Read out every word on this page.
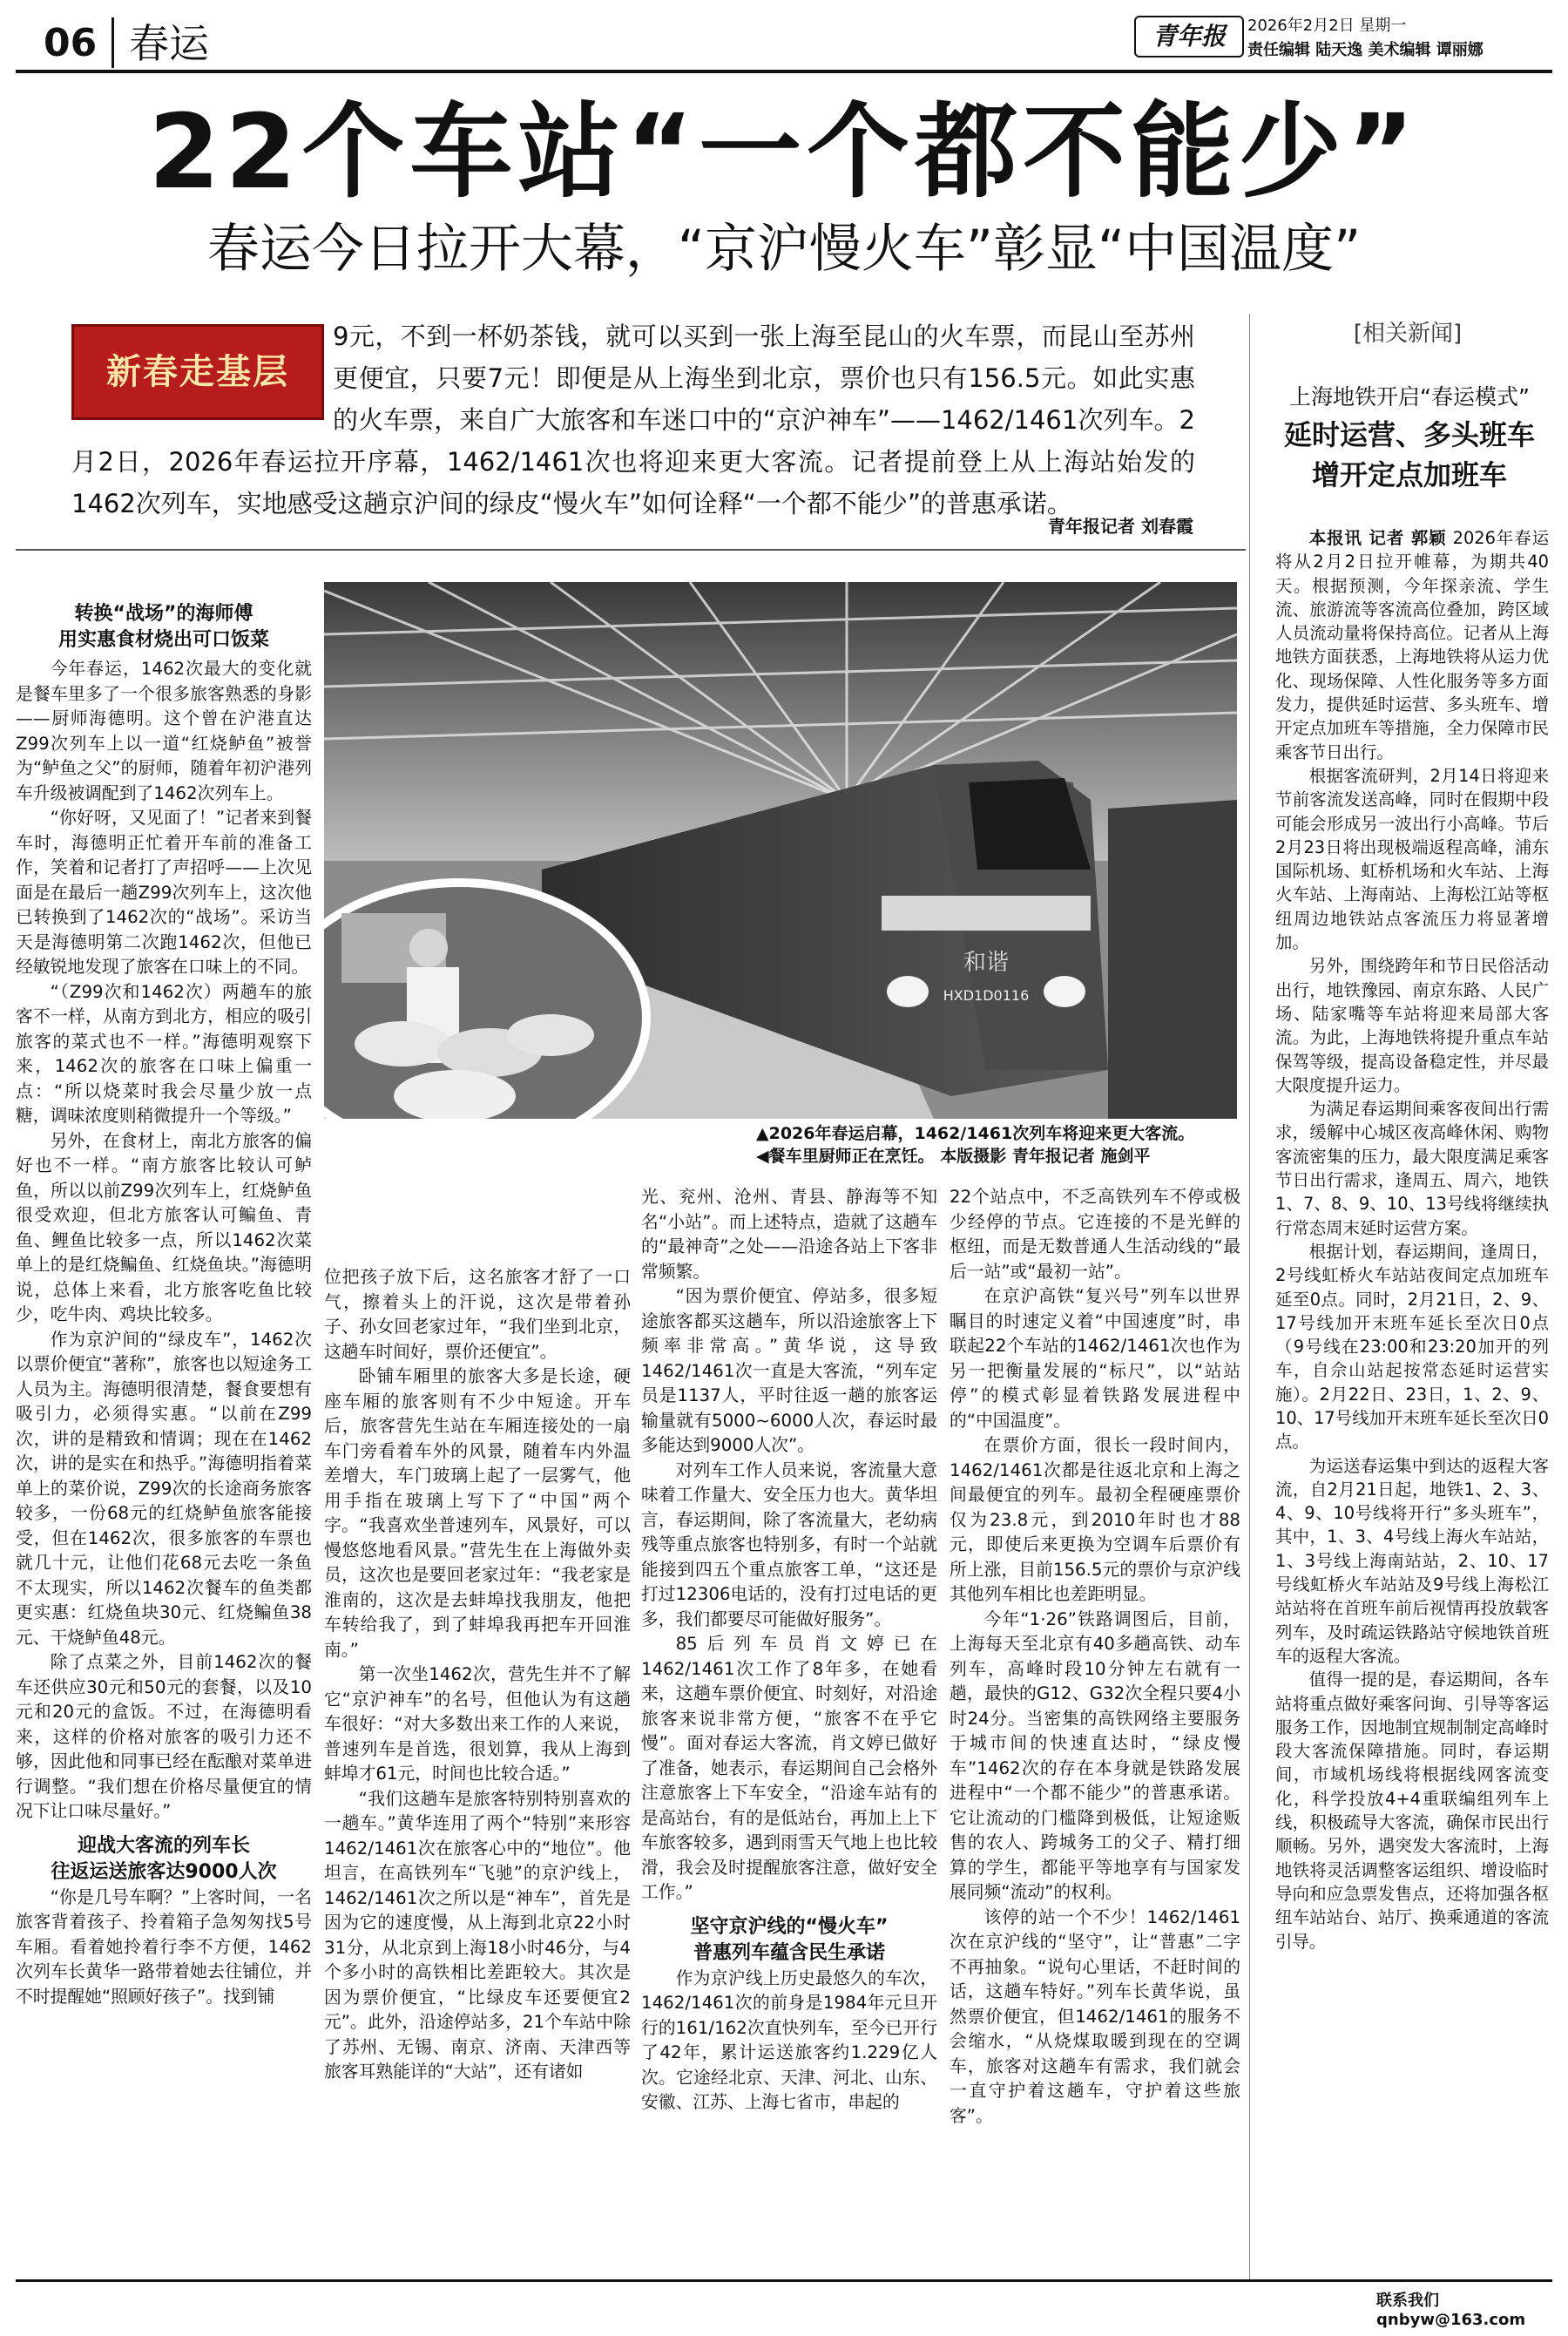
06 春运	青年报	2026年2月2日 星期一
责任编辑 陆天逸 美术编辑 谭丽娜
22个车站“一个都不能少”
春运今日拉开大幕，“京沪慢火车”彰显“中国温度”
9元，不到一杯奶茶钱，就可以买到一张上海至昆山的火车票，而昆山至苏州更便宜，只要7元！即便是从上海坐到北京，票价也只有156.5元。如此实惠的火车票，来自广大旅客和车迷口中的“京沪神车”——1462/1461次列车。2月2日，2026年春运拉开序幕，1462/1461次也将迎来更大客流。记者提前登上从上海站始发的1462次列车，实地感受这趟京沪间的绿皮“慢火车”如何诠释“一个都不能少”的普惠承诺。
新春走基层
青年报记者 刘春霞
[相关新闻]
上海地铁开启“春运模式”
延时运营、多头班车增开定点加班车

本报讯 记者 郭颖 2026年春运将从2月2日拉开帷幕，为期共40天。根据预测，今年探亲流、学生流、旅游流等客流高位叠加，跨区域人员流动量将保持高位。记者从上海地铁方面获悉，上海地铁将从运力优化、现场保障、人性化服务等多方面发力，提供延时运营、多头班车、增开定点加班车等措施，全力保障市民乘客节日出行。

根据客流研判，2月14日将迎来节前客流发送高峰，同时在假期中段可能会形成另一波出行小高峰。节后2月23日将出现极端返程高峰，浦东国际机场、虹桥机场和火车站、上海火车站、上海南站、上海松江站等枢纽周边地铁站点客流压力将显著增加。

另外，围绕跨年和节日民俗活动出行，地铁豫园、南京东路、人民广场、陆家嘴等车站将迎来局部大客流。为此，上海地铁将提升重点车站保驾等级，提高设备稳定性，并尽最大限度提升运力。

为满足春运期间乘客夜间出行需求，缓解中心城区夜高峰休闲、购物客流密集的压力，最大限度满足乘客节日出行需求，逢周五、周六，地铁1、7、8、9、10、13号线将继续执行常态周末延时运营方案。

根据计划，春运期间，逢周日，2号线虹桥火车站站夜间定点加班车延至0点。同时，2月21日，2、9、17号线加开末班车延长至次日0点（9号线在23:00和23:20加开的列车，自佘山站起按常态延时运营实施）。2月22日、23日，1、2、9、10、17号线加开末班车延长至次日0点。

为运送春运集中到达的返程大客流，自2月21日起，地铁1、2、3、4、9、10号线将开行“多头班车”，其中，1、3、4号线上海火车站站，1、3号线上海南站站，2、10、17号线虹桥火车站站及9号线上海松江站站将在首班车前后视情再投放载客列车，及时疏运铁路站守候地铁首班车的返程大客流。

值得一提的是，春运期间，各车站将重点做好乘客问询、引导等客运服务工作，因地制宜规制制定高峰时段大客流保障措施。同时，春运期间，市域机场线将根据线网客流变化，科学投放4+4重联编组列车上线，积极疏导大客流，确保市民出行顺畅。另外，遇突发大客流时，上海地铁将灵活调整客运组织、增设临时导向和应急票发售点，还将加强各枢纽车站站台、站厅、换乘通道的客流引导。

和谐
HXD1D0116
▲2026年春运启幕，1462/1461次列车将迎来更大客流。
◀餐车里厨师正在烹饪。 本版摄影 青年报记者 施剑平

转换“战场”的海师傅

用实惠食材烧出可口饭菜

今年春运，1462次最大的变化就是餐车里多了一个很多旅客熟悉的身影——厨师海德明。这个曾在沪港直达Z99次列车上以一道“红烧鲈鱼”被誉为“鲈鱼之父”的厨师，随着年初沪港列车升级被调配到了1462次列车上。

“你好呀，又见面了！”记者来到餐车时，海德明正忙着开车前的准备工作，笑着和记者打了声招呼——上次见面是在最后一趟Z99次列车上，这次他已转换到了1462次的“战场”。采访当天是海德明第二次跑1462次，但他已经敏锐地发现了旅客在口味上的不同。

“（Z99次和1462次）两趟车的旅客不一样，从南方到北方，相应的吸引旅客的菜式也不一样。”海德明观察下来，1462次的旅客在口味上偏重一点：“所以烧菜时我会尽量少放一点糖，调味浓度则稍微提升一个等级。”

另外，在食材上，南北方旅客的偏好也不一样。“南方旅客比较认可鲈鱼，所以以前Z99次列车上，红烧鲈鱼很受欢迎，但北方旅客认可鳊鱼、青鱼、鲤鱼比较多一点，所以1462次菜单上的是红烧鳊鱼、红烧鱼块。”海德明说，总体上来看，北方旅客吃鱼比较少，吃牛肉、鸡块比较多。

作为京沪间的“绿皮车”，1462次以票价便宜“著称”，旅客也以短途务工人员为主。海德明很清楚，餐食要想有吸引力，必须得实惠。“以前在Z99次，讲的是精致和情调；现在在1462次，讲的是实在和热乎。”海德明指着菜单上的菜价说，Z99次的长途商务旅客较多，一份68元的红烧鲈鱼旅客能接受，但在1462次，很多旅客的车票也就几十元，让他们花68元去吃一条鱼不太现实，所以1462次餐车的鱼类都更实惠：红烧鱼块30元、红烧鳊鱼38元、干烧鲈鱼48元。

除了点菜之外，目前1462次的餐车还供应30元和50元的套餐，以及10元和20元的盒饭。不过，在海德明看来，这样的价格对旅客的吸引力还不够，因此他和同事已经在酝酿对菜单进行调整。“我们想在价格尽量便宜的情况下让口味尽量好。”

迎战大客流的列车长

往返运送旅客达9000人次

“你是几号车啊？”上客时间，一名旅客背着孩子、拎着箱子急匆匆找5号车厢。看着她拎着行李不方便，1462次列车长黄华一路带着她去往铺位，并不时提醒她“照顾好孩子”。找到铺

位把孩子放下后，这名旅客才舒了一口气，擦着头上的汗说，这次是带着孙子、孙女回老家过年，“我们坐到北京，这趟车时间好，票价还便宜”。

卧铺车厢里的旅客大多是长途，硬座车厢的旅客则有不少中短途。开车后，旅客营先生站在车厢连接处的一扇车门旁看着车外的风景，随着车内外温差增大，车门玻璃上起了一层雾气，他用手指在玻璃上写下了“中国”两个字。“我喜欢坐普速列车，风景好，可以慢悠悠地看风景。”营先生在上海做外卖员，这次也是要回老家过年：“我老家是淮南的，这次是去蚌埠找我朋友，他把车转给我了，到了蚌埠我再把车开回淮南。”

第一次坐1462次，营先生并不了解它“京沪神车”的名号，但他认为有这趟车很好：“对大多数出来工作的人来说，普速列车是首选，很划算，我从上海到蚌埠才61元，时间也比较合适。”

“我们这趟车是旅客特别特别喜欢的一趟车。”黄华连用了两个“特别”来形容1462/1461次在旅客心中的“地位”。他坦言，在高铁列车“飞驰”的京沪线上，1462/1461次之所以是“神车”，首先是因为它的速度慢，从上海到北京22小时31分，从北京到上海18小时46分，与4个多小时的高铁相比差距较大。其次是因为票价便宜，“比绿皮车还要便宜2元”。此外，沿途停站多，21个车站中除了苏州、无锡、南京、济南、天津西等旅客耳熟能详的“大站”，还有诸如

光、兖州、沧州、青县、静海等不知名“小站”。而上述特点，造就了这趟车的“最神奇”之处——沿途各站上下客非常频繁。

“因为票价便宜、停站多，很多短途旅客都买这趟车，所以沿途旅客上下频率非常高。”黄华说，这导致1462/1461次一直是大客流，“列车定员是1137人，平时往返一趟的旅客运输量就有5000~6000人次，春运时最多能达到9000人次”。

对列车工作人员来说，客流量大意味着工作量大、安全压力也大。黄华坦言，春运期间，除了客流量大，老幼病残等重点旅客也特别多，有时一个站就能接到四五个重点旅客工单，“这还是打过12306电话的，没有打过电话的更多，我们都要尽可能做好服务”。

85后列车员肖文婷已在1462/1461次工作了8年多，在她看来，这趟车票价便宜、时刻好，对沿途旅客来说非常方便，“旅客不在乎它慢”。面对春运大客流，肖文婷已做好了准备，她表示，春运期间自己会格外注意旅客上下车安全，“沿途车站有的是高站台，有的是低站台，再加上上下车旅客较多，遇到雨雪天气地上也比较滑，我会及时提醒旅客注意，做好安全工作。”

坚守京沪线的“慢火车”

普惠列车蕴含民生承诺

作为京沪线上历史最悠久的车次，1462/1461次的前身是1984年元旦开行的161/162次直快列车，至今已开行了42年，累计运送旅客约1.229亿人次。它途经北京、天津、河北、山东、安徽、江苏、上海七省市，串起的

22个站点中，不乏高铁列车不停或极少经停的节点。它连接的不是光鲜的枢纽，而是无数普通人生活动线的“最后一站”或“最初一站”。

在京沪高铁“复兴号”列车以世界瞩目的时速定义着“中国速度”时，串联起22个车站的1462/1461次也作为另一把衡量发展的“标尺”，以“站站停”的模式彰显着铁路发展进程中的“中国温度”。

在票价方面，很长一段时间内，1462/1461次都是往返北京和上海之间最便宜的列车。最初全程硬座票价仅为23.8元，到2010年时也才88元，即使后来更换为空调车后票价有所上涨，目前156.5元的票价与京沪线其他列车相比也差距明显。

今年“1·26”铁路调图后，目前，上海每天至北京有40多趟高铁、动车列车，高峰时段10分钟左右就有一趟，最快的G12、G32次全程只要4小时24分。当密集的高铁网络主要服务于城市间的快速直达时，“绿皮慢车”1462次的存在本身就是铁路发展进程中“一个都不能少”的普惠承诺。它让流动的门槛降到极低，让短途贩售的农人、跨城务工的父子、精打细算的学生，都能平等地享有与国家发展同频“流动”的权利。

该停的站一个不少！1462/1461次在京沪线的“坚守”，让“普惠”二字不再抽象。“说句心里话，不赶时间的话，这趟车特好。”列车长黄华说，虽然票价便宜，但1462/1461的服务不会缩水，“从烧煤取暖到现在的空调车，旅客对这趟车有需求，我们就会一直守护着这趟车，守护着这些旅客”。

联系我们 qnbyw@163.com
